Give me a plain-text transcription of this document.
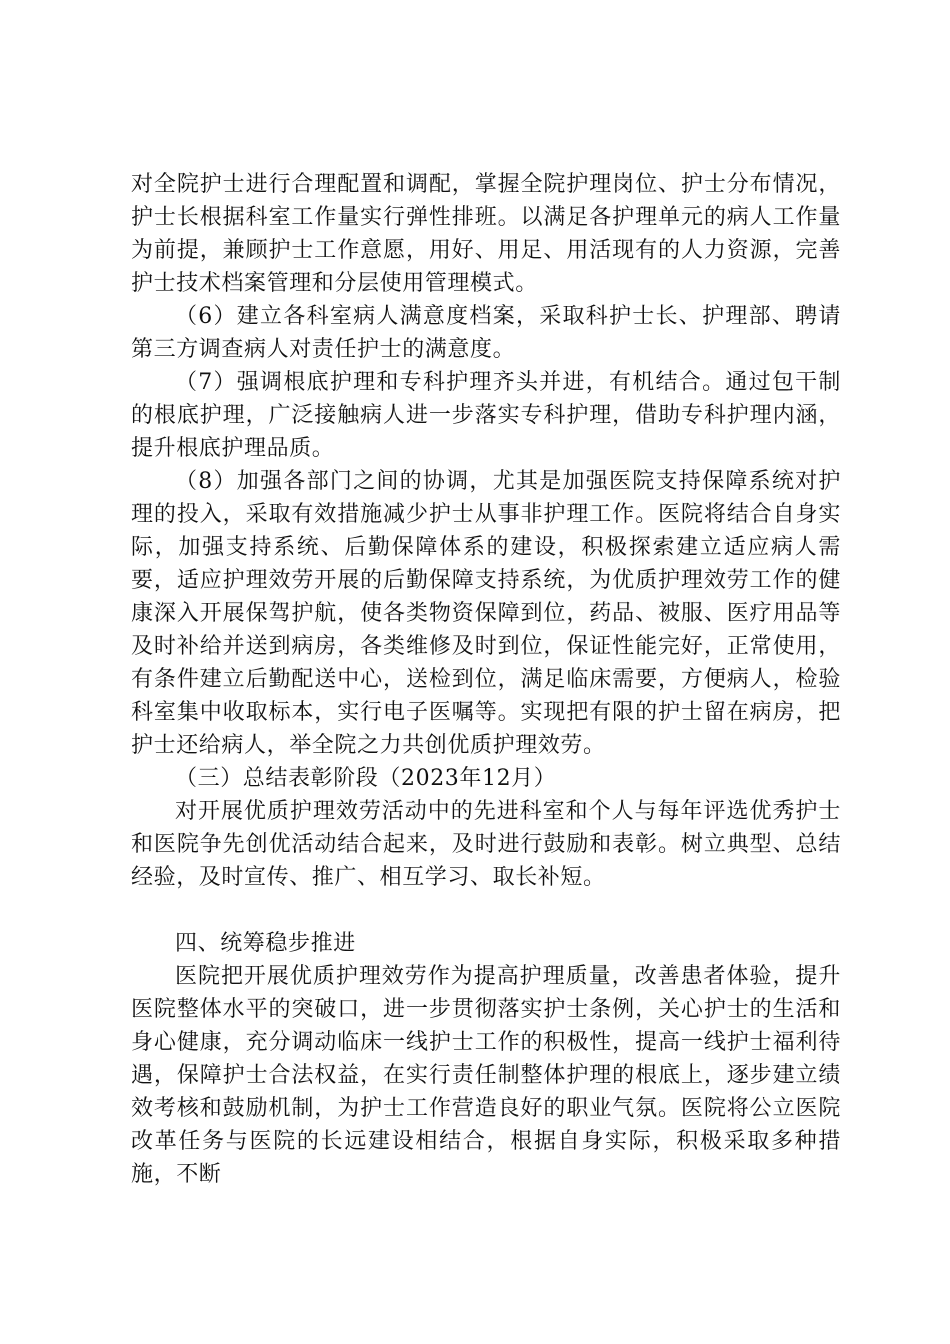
对全院护士进行合理配置和调配，掌握全院护理岗位、护士分布情况，护士长根据科室工作量实行弹性排班。以满足各护理单元的病人工作量为前提，兼顾护士工作意愿，用好、用足、用活现有的人力资源，完善护士技术档案管理和分层使用管理模式。

（6）建立各科室病人满意度档案，采取科护士长、护理部、聘请第三方调查病人对责任护士的满意度。

（7）强调根底护理和专科护理齐头并进，有机结合。通过包干制的根底护理，广泛接触病人进一步落实专科护理，借助专科护理内涵，提升根底护理品质。

（8）加强各部门之间的协调，尤其是加强医院支持保障系统对护理的投入，采取有效措施减少护士从事非护理工作。医院将结合自身实际，加强支持系统、后勤保障体系的建设，积极探索建立适应病人需要，适应护理效劳开展的后勤保障支持系统，为优质护理效劳工作的健康深入开展保驾护航，使各类物资保障到位，药品、被服、医疗用品等及时补给并送到病房，各类维修及时到位，保证性能完好，正常使用，有条件建立后勤配送中心，送检到位，满足临床需要，方便病人，检验科室集中收取标本，实行电子医嘱等。实现把有限的护士留在病房，把护士还给病人，举全院之力共创优质护理效劳。

（三）总结表彰阶段（2023年12月）

对开展优质护理效劳活动中的先进科室和个人与每年评选优秀护士和医院争先创优活动结合起来，及时进行鼓励和表彰。树立典型、总结经验，及时宣传、推广、相互学习、取长补短。

四、统筹稳步推进

医院把开展优质护理效劳作为提高护理质量，改善患者体验，提升医院整体水平的突破口，进一步贯彻落实护士条例，关心护士的生活和身心健康，充分调动临床一线护士工作的积极性，提高一线护士福利待遇，保障护士合法权益，在实行责任制整体护理的根底上，逐步建立绩效考核和鼓励机制，为护士工作营造良好的职业气氛。医院将公立医院改革任务与医院的长远建设相结合，根据自身实际，积极采取多种措施，不断
